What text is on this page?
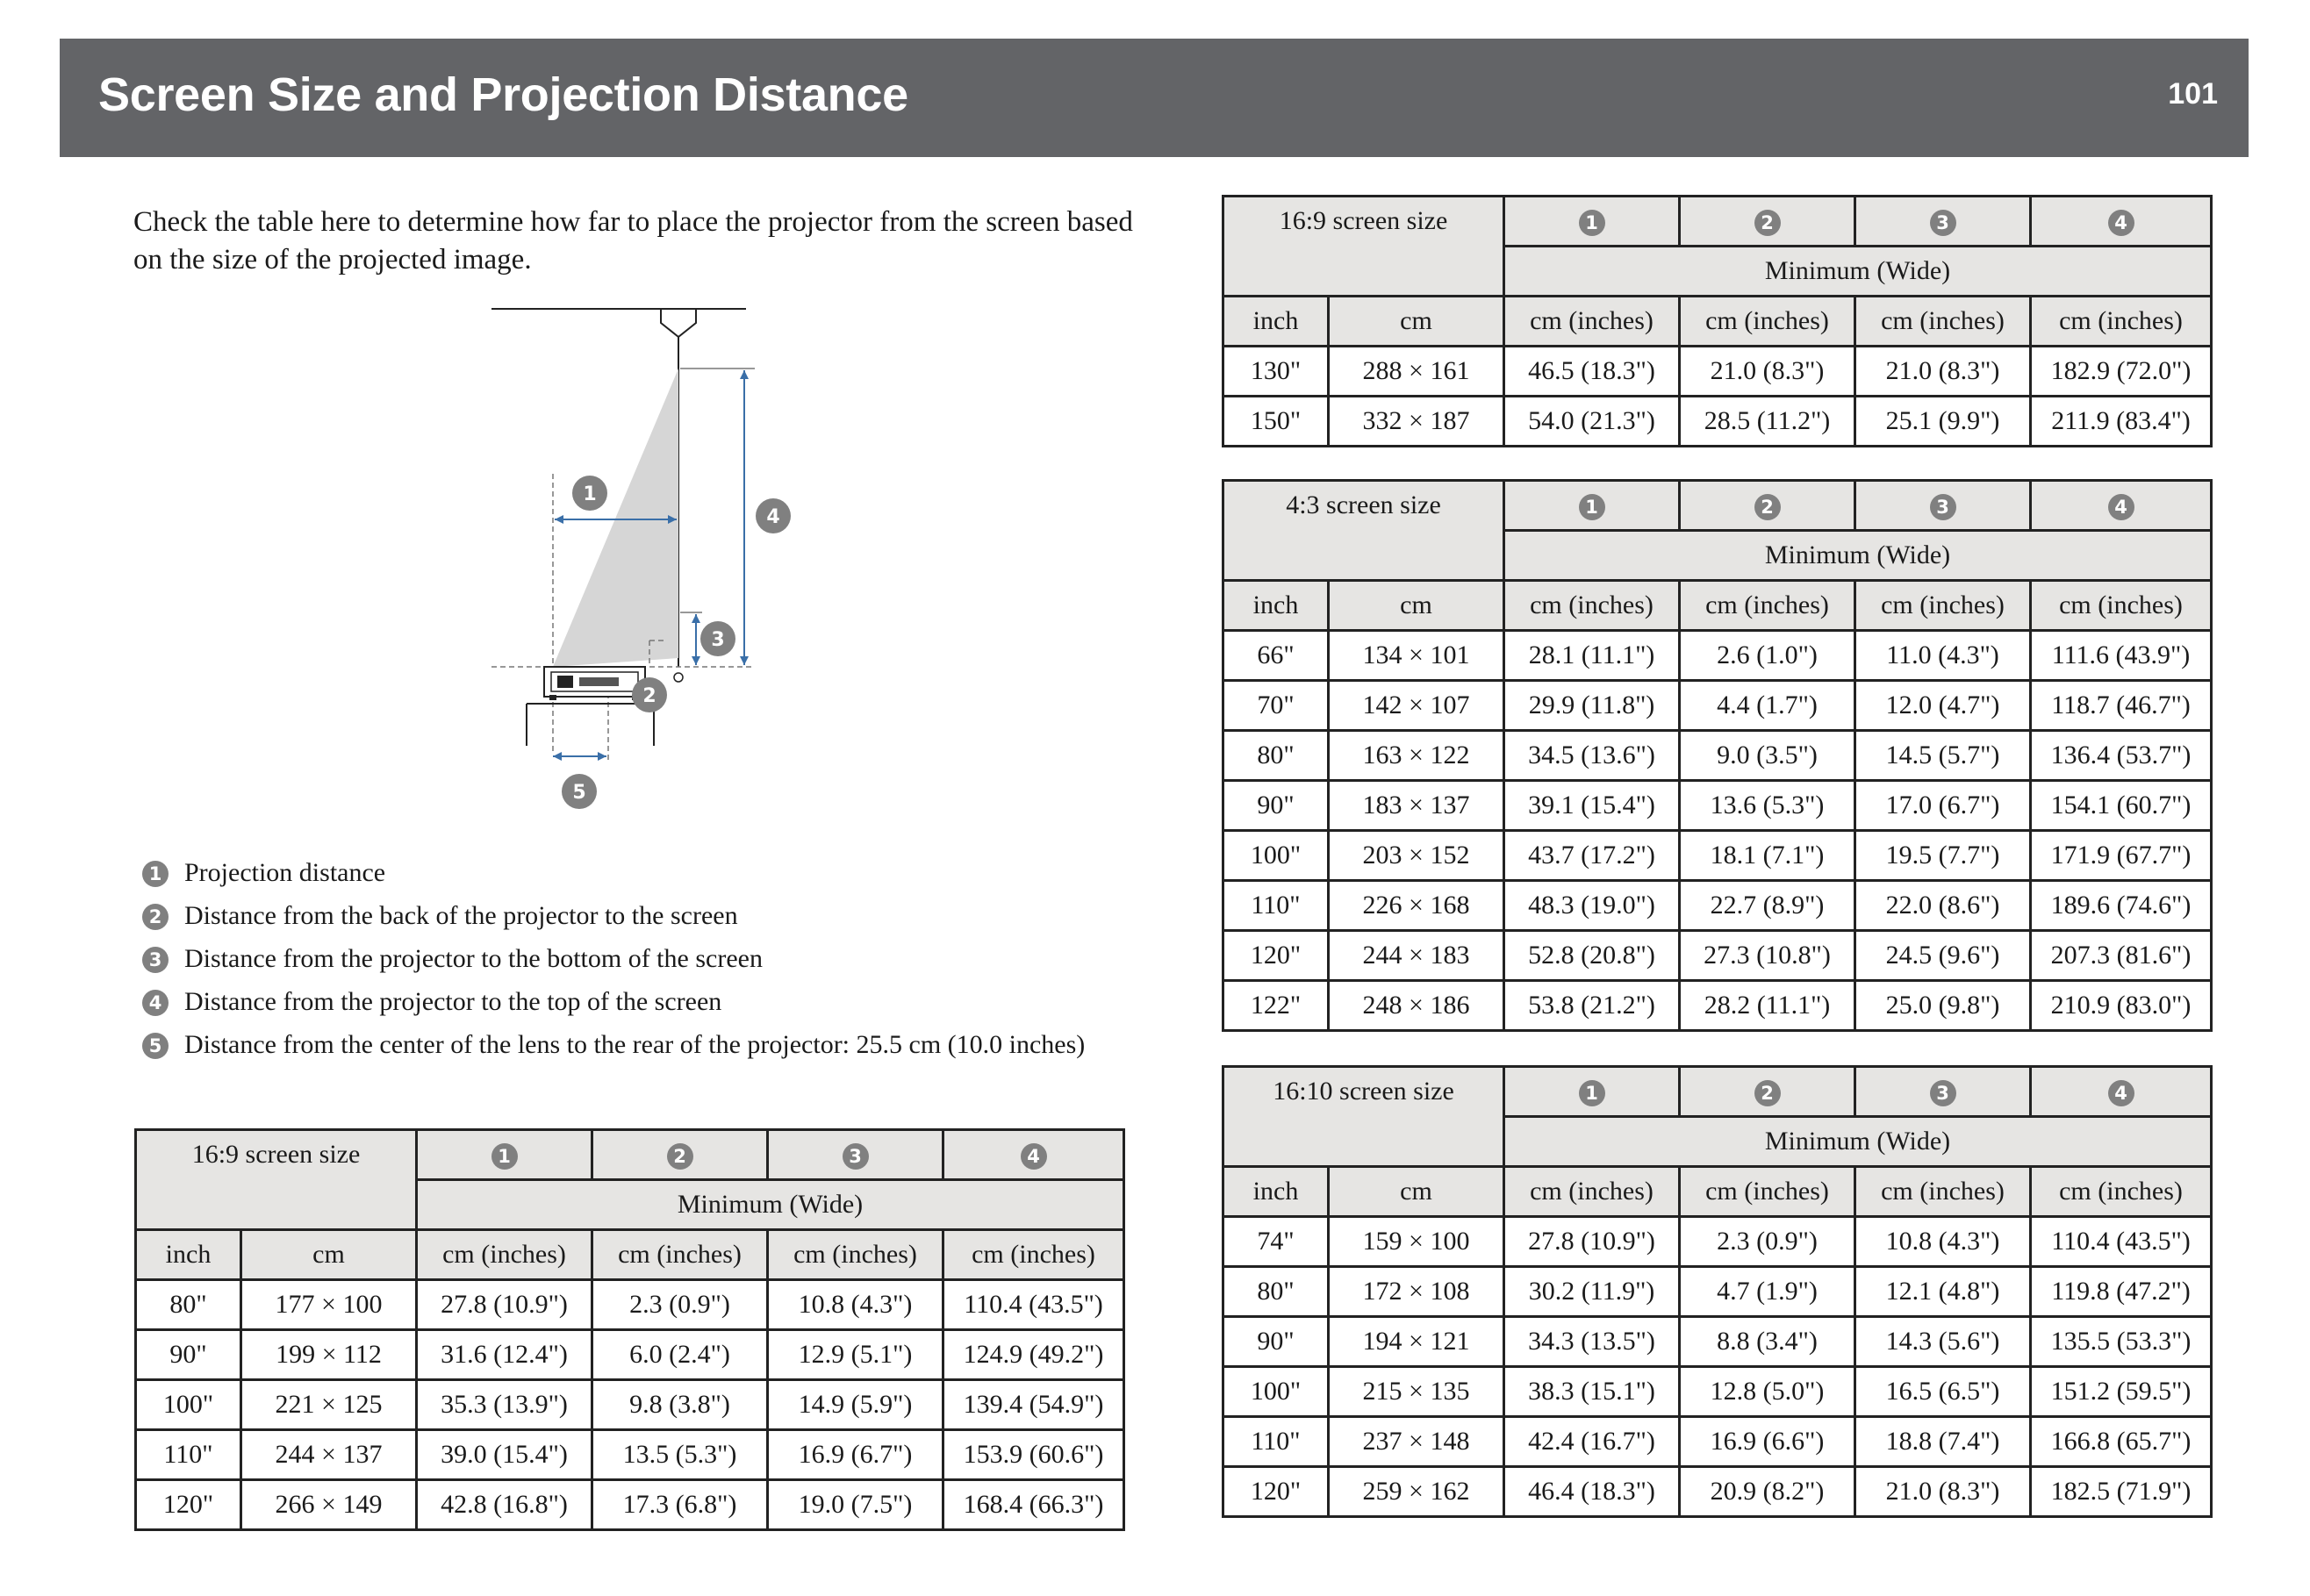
Screen Size and Projection Distance	101
Check the table here to determine how far to place the projector from the screen based on the size of the projected image.
1
4
3
2
5
1 Projection distance
2 Distance from the back of the projector to the screen
3 Distance from the projector to the bottom of the screen
4 Distance from the projector to the top of the screen
5 Distance from the center of the lens to the rear of the projector: 25.5 cm (10.0 inches)
16:9 screen size		1	2	3	4
		Minimum (Wide)			
inch	cm	cm (inches)	cm (inches)	cm (inches)	cm (inches)
80"	177 × 100	27.8 (10.9")	2.3 (0.9")	10.8 (4.3")	110.4 (43.5")
90"	199 × 112	31.6 (12.4")	6.0 (2.4")	12.9 (5.1")	124.9 (49.2")
100"	221 × 125	35.3 (13.9")	9.8 (3.8")	14.9 (5.9")	139.4 (54.9")
110"	244 × 137	39.0 (15.4")	13.5 (5.3")	16.9 (6.7")	153.9 (60.6")
120"	266 × 149	42.8 (16.8")	17.3 (6.8")	19.0 (7.5")	168.4 (66.3")
16:9 screen size		1	2	3	4
		Minimum (Wide)			
inch	cm	cm (inches)	cm (inches)	cm (inches)	cm (inches)
130"	288 × 161	46.5 (18.3")	21.0 (8.3")	21.0 (8.3")	182.9 (72.0")
150"	332 × 187	54.0 (21.3")	28.5 (11.2")	25.1 (9.9")	211.9 (83.4")
4:3 screen size		1	2	3	4
		Minimum (Wide)			
inch	cm	cm (inches)	cm (inches)	cm (inches)	cm (inches)
66"	134 × 101	28.1 (11.1")	2.6 (1.0")	11.0 (4.3")	111.6 (43.9")
70"	142 × 107	29.9 (11.8")	4.4 (1.7")	12.0 (4.7")	118.7 (46.7")
80"	163 × 122	34.5 (13.6")	9.0 (3.5")	14.5 (5.7")	136.4 (53.7")
90"	183 × 137	39.1 (15.4")	13.6 (5.3")	17.0 (6.7")	154.1 (60.7")
100"	203 × 152	43.7 (17.2")	18.1 (7.1")	19.5 (7.7")	171.9 (67.7")
110"	226 × 168	48.3 (19.0")	22.7 (8.9")	22.0 (8.6")	189.6 (74.6")
120"	244 × 183	52.8 (20.8")	27.3 (10.8")	24.5 (9.6")	207.3 (81.6")
122"	248 × 186	53.8 (21.2")	28.2 (11.1")	25.0 (9.8")	210.9 (83.0")
16:10 screen size		1	2	3	4
		Minimum (Wide)			
inch	cm	cm (inches)	cm (inches)	cm (inches)	cm (inches)
74"	159 × 100	27.8 (10.9")	2.3 (0.9")	10.8 (4.3")	110.4 (43.5")
80"	172 × 108	30.2 (11.9")	4.7 (1.9")	12.1 (4.8")	119.8 (47.2")
90"	194 × 121	34.3 (13.5")	8.8 (3.4")	14.3 (5.6")	135.5 (53.3")
100"	215 × 135	38.3 (15.1")	12.8 (5.0")	16.5 (6.5")	151.2 (59.5")
110"	237 × 148	42.4 (16.7")	16.9 (6.6")	18.8 (7.4")	166.8 (65.7")
120"	259 × 162	46.4 (18.3")	20.9 (8.2")	21.0 (8.3")	182.5 (71.9")
